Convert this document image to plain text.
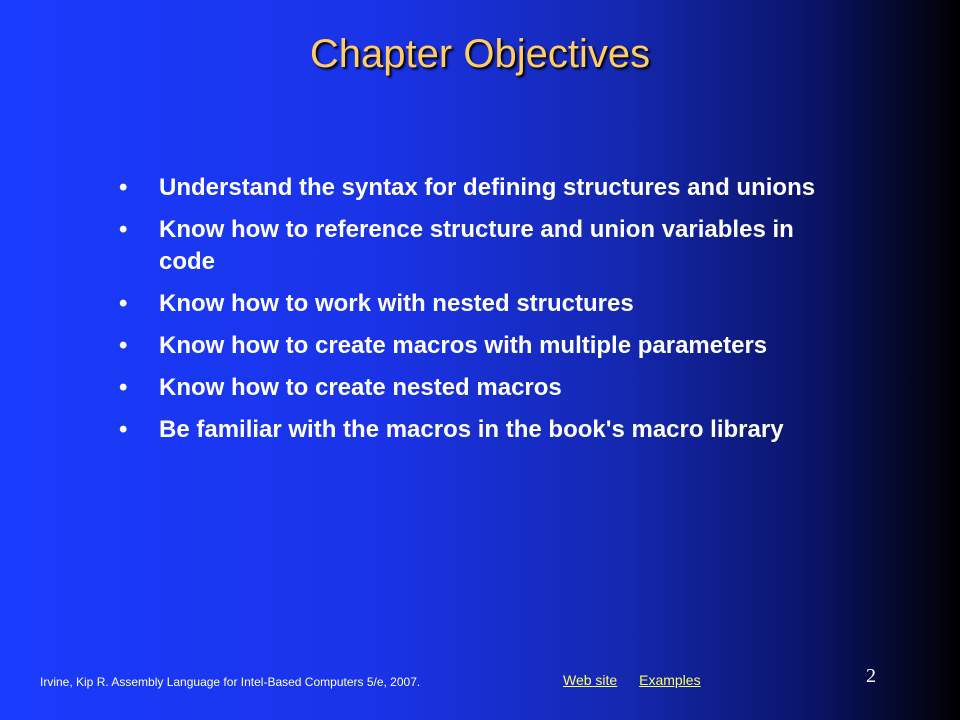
Chapter Objectives
• Understand the syntax for defining structures and unions
• Know how to reference structure and union variables in code
• Know how to work with nested structures
• Know how to create macros with multiple parameters
• Know how to create nested macros
• Be familiar with the macros in the book's macro library
Irvine, Kip R. Assembly Language for Intel-Based Computers 5/e, 2007.	Web site Examples	2
